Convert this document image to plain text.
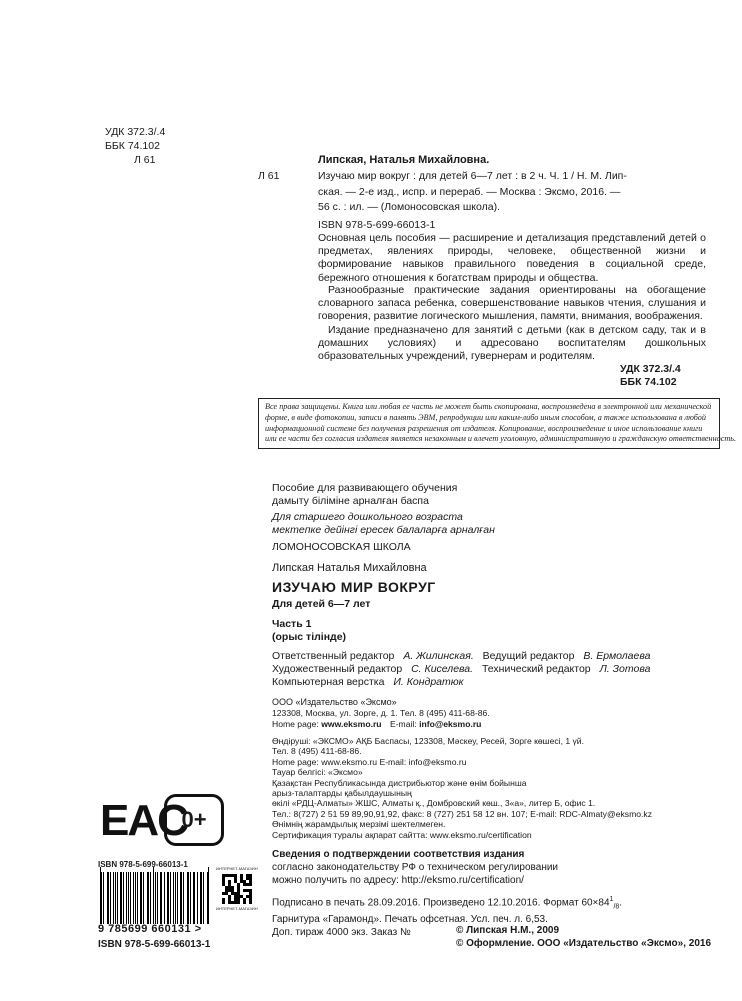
УДК 372.3/.4
ББК 74.102
Л 61	Липская, Наталья Михайловна.
Л 61	Изучаю мир вокруг : для детей 6—7 лет : в 2 ч. Ч. 1 / Н. М. Лип-
ская. — 2-е изд., испр. и перераб. — Москва : Эксмо, 2016. —
56 с. : ил. — (Ломоносовская школа).
ISBN 978-5-699-66013-1
Основная цель пособия — расширение и детализация представлений детей о предметах, явлениях природы, человеке, общественной жизни и формирование навыков правильного поведения в социальной среде, бережного отношения к богатствам природы и общества.
Разнообразные практические задания ориентированы на обогащение словарного запаса ребенка, совершенствование навыков чтения, слушания и говорения, развитие логического мышления, памяти, внимания, воображения.
Издание предназначено для занятий с детьми (как в детском саду, так и в домашних условиях) и адресовано воспитателям дошкольных образовательных учреждений, гувернерам и родителям.
УДК 372.3/.4
ББК 74.102

Все права защищены. Книга или любая ее часть не может быть скопирована, воспроизведена в электронной или механической

форме, в виде фотокопии, записи в память ЭВМ, репродукции или каким-либо иным способом, а также использована в любой

информационной системе без получения разрешения от издателя. Копирование, воспроизведение и иное использование книги

или ее части без согласия издателя является незаконным и влечет уголовную, административную и гражданскую ответственность.

Пособие для развивающего обучения
дамыту білiмiне арналған баспа
Для старшего дошкольного возраста
мектепке дейiнгi ересек балаларға арналған
ЛОМОНОСОВСКАЯ ШКОЛА
Липская Наталья Михайловна
ИЗУЧАЮ МИР ВОКРУГ
Для детей 6—7 лет
Часть 1
(орыс тiлiнде)
Ответственный редактор А. Жилинская. Ведущий редактор В. Ермолаева
Художественный редактор С. Киселева. Технический редактор Л. Зотова
Компьютерная верстка И. Кондратюк
ООО «Издательство «Эксмо»
123308, Москва, ул. Зорге, д. 1. Тел. 8 (495) 411-68-86.
Home page: www.eksmo.ru E-mail: info@eksmo.ru
Өндiрушi: «ЭКСМО» АҚБ Баспасы, 123308, Мәскеу, Ресей, Зорге көшесi, 1 үй.
Тел. 8 (495) 411-68-86.
Home page: www.eksmo.ru E-mail: info@eksmo.ru
Тауар белгiсi: «Эксмо»
Қазақстан Республикасында дистрибьютор және өнiм бойынша
арыз-талаптарды қабылдаушының
өкiлi «РДЦ-Алматы» ЖШС, Алматы қ., Домбровский көш., 3«а», литер Б, офис 1.
Тел.: 8(727) 2 51 59 89,90,91,92, факс: 8 (727) 251 58 12 вн. 107; E-mail: RDC-Almaty@eksmo.kz
Өнiмнiң жарамдылық мерзiмi шектелмеген.
Сертификация туралы ақпарат сайтта: www.eksmo.ru/certification
Сведения о подтверждении соответствия издания
согласно законодательству РФ о техническом регулировании
можно получить по адресу: http://eksmo.ru/certification/
Подписано в печать 28.09.2016. Произведено 12.10.2016. Формат $60\times 84^1_{/8}$.
Гарнитура «Гарамонд». Печать офсетная. Усл. печ. л. 6,53.
Доп. тираж 4000 экз. Заказ №
EAC
0+
ISBN 978-5-699-66013-1
9 785699 660131 >
ISBN 978-5-699-66013-1
ИНТЕРНЕТ-МАГАЗИН
ИНТЕРНЕТ-МАГАЗИН
© Липская Н.М., 2009
© Оформление. ООО «Издательство «Эксмо», 2016
